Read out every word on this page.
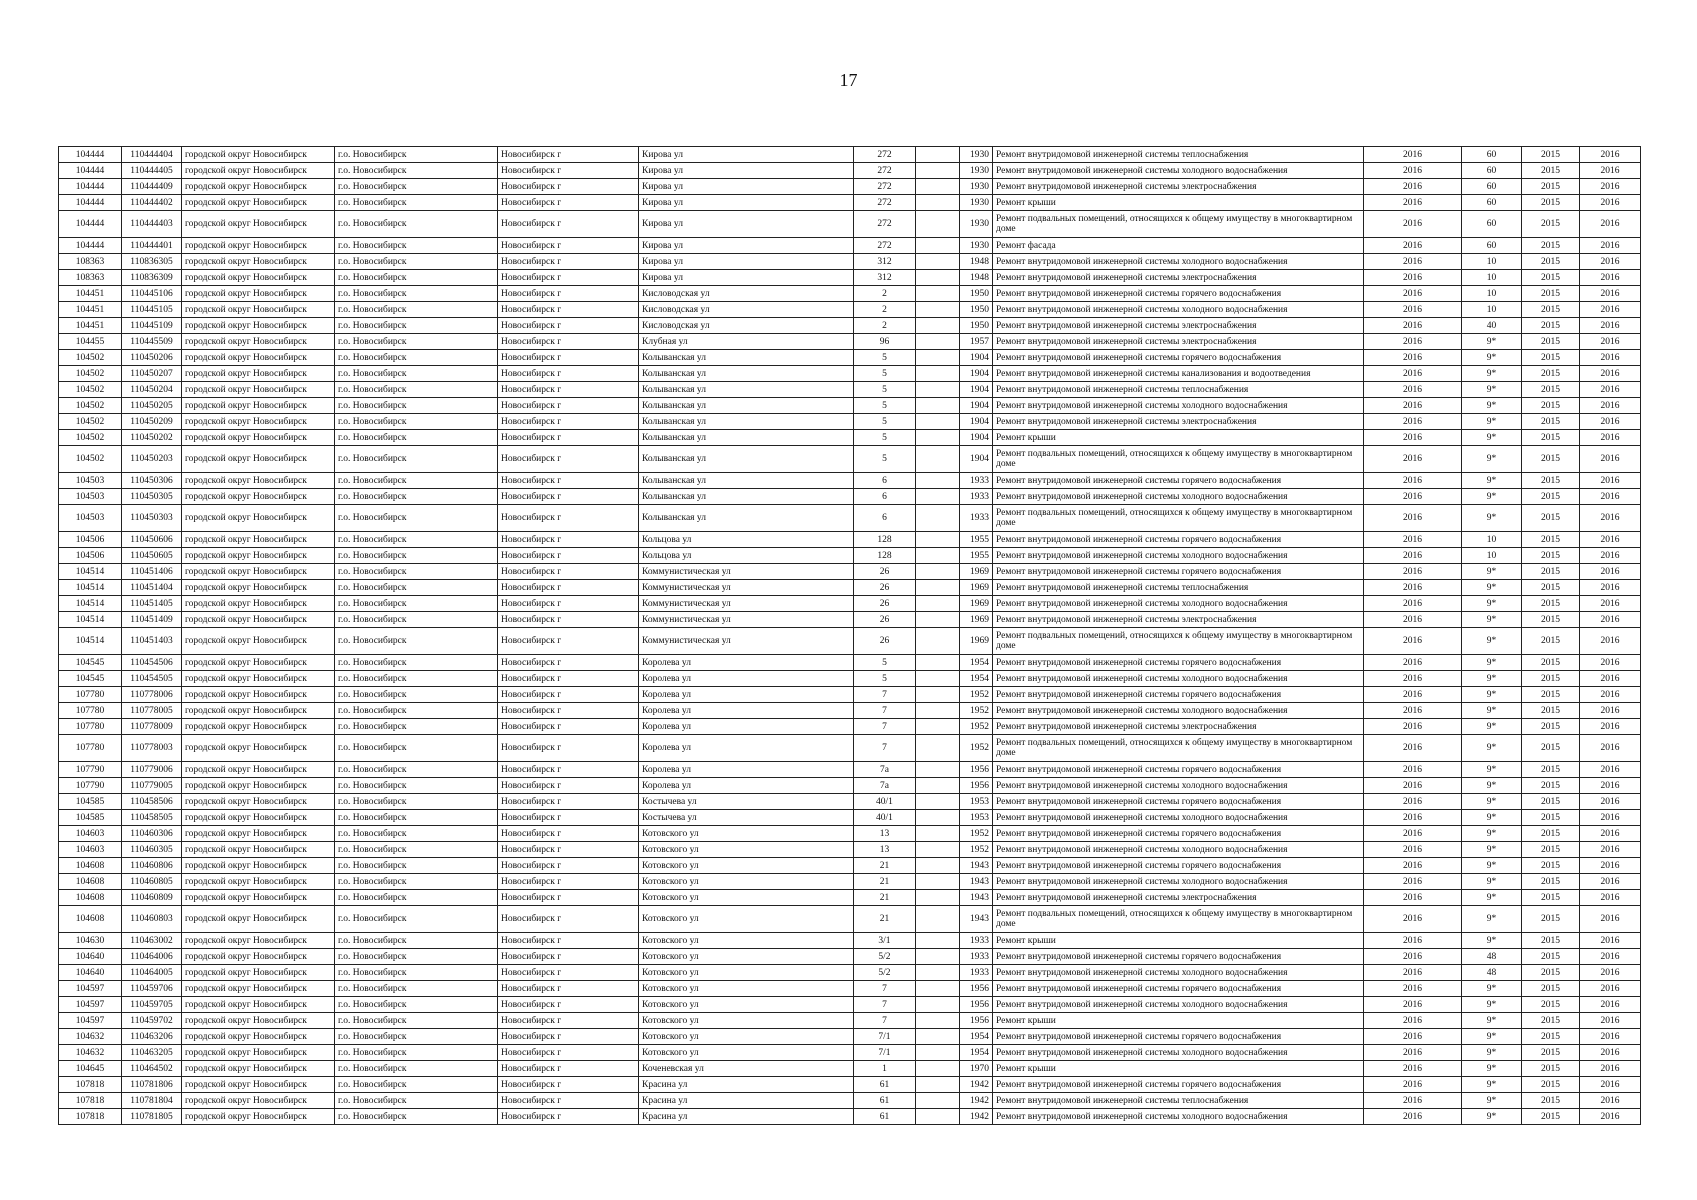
17
104444	110444404	городской округ Новосибирск	г.о. Новосибирск	Новосибирск г	Кирова ул	272		1930	Ремонт внутридомовой инженерной системы теплоснабжения	2016	60	2015	2016
104444	110444405	городской округ Новосибирск	г.о. Новосибирск	Новосибирск г	Кирова ул	272		1930	Ремонт внутридомовой инженерной системы холодного водоснабжения	2016	60	2015	2016
104444	110444409	городской округ Новосибирск	г.о. Новосибирск	Новосибирск г	Кирова ул	272		1930	Ремонт внутридомовой инженерной системы электроснабжения	2016	60	2015	2016
104444	110444402	городской округ Новосибирск	г.о. Новосибирск	Новосибирск г	Кирова ул	272		1930	Ремонт крыши	2016	60	2015	2016
104444	110444403	городской округ Новосибирск	г.о. Новосибирск	Новосибирск г	Кирова ул	272		1930	Ремонт подвальных помещений, относящихся к общему имуществу в многоквартирном доме	2016	60	2015	2016
104444	110444401	городской округ Новосибирск	г.о. Новосибирск	Новосибирск г	Кирова ул	272		1930	Ремонт фасада	2016	60	2015	2016
108363	110836305	городской округ Новосибирск	г.о. Новосибирск	Новосибирск г	Кирова ул	312		1948	Ремонт внутридомовой инженерной системы холодного водоснабжения	2016	10	2015	2016
108363	110836309	городской округ Новосибирск	г.о. Новосибирск	Новосибирск г	Кирова ул	312		1948	Ремонт внутридомовой инженерной системы электроснабжения	2016	10	2015	2016
104451	110445106	городской округ Новосибирск	г.о. Новосибирск	Новосибирск г	Кисловодская ул	2		1950	Ремонт внутридомовой инженерной системы горячего водоснабжения	2016	10	2015	2016
104451	110445105	городской округ Новосибирск	г.о. Новосибирск	Новосибирск г	Кисловодская ул	2		1950	Ремонт внутридомовой инженерной системы холодного водоснабжения	2016	10	2015	2016
104451	110445109	городской округ Новосибирск	г.о. Новосибирск	Новосибирск г	Кисловодская ул	2		1950	Ремонт внутридомовой инженерной системы электроснабжения	2016	40	2015	2016
104455	110445509	городской округ Новосибирск	г.о. Новосибирск	Новосибирск г	Клубная ул	96		1957	Ремонт внутридомовой инженерной системы электроснабжения	2016	9*	2015	2016
104502	110450206	городской округ Новосибирск	г.о. Новосибирск	Новосибирск г	Колыванская ул	5		1904	Ремонт внутридомовой инженерной системы горячего водоснабжения	2016	9*	2015	2016
104502	110450207	городской округ Новосибирск	г.о. Новосибирск	Новосибирск г	Колыванская ул	5		1904	Ремонт внутридомовой инженерной системы канализования и водоотведения	2016	9*	2015	2016
104502	110450204	городской округ Новосибирск	г.о. Новосибирск	Новосибирск г	Колыванская ул	5		1904	Ремонт внутридомовой инженерной системы теплоснабжения	2016	9*	2015	2016
104502	110450205	городской округ Новосибирск	г.о. Новосибирск	Новосибирск г	Колыванская ул	5		1904	Ремонт внутридомовой инженерной системы холодного водоснабжения	2016	9*	2015	2016
104502	110450209	городской округ Новосибирск	г.о. Новосибирск	Новосибирск г	Колыванская ул	5		1904	Ремонт внутридомовой инженерной системы электроснабжения	2016	9*	2015	2016
104502	110450202	городской округ Новосибирск	г.о. Новосибирск	Новосибирск г	Колыванская ул	5		1904	Ремонт крыши	2016	9*	2015	2016
104502	110450203	городской округ Новосибирск	г.о. Новосибирск	Новосибирск г	Колыванская ул	5		1904	Ремонт подвальных помещений, относящихся к общему имуществу в многоквартирном доме	2016	9*	2015	2016
104503	110450306	городской округ Новосибирск	г.о. Новосибирск	Новосибирск г	Колыванская ул	6		1933	Ремонт внутридомовой инженерной системы горячего водоснабжения	2016	9*	2015	2016
104503	110450305	городской округ Новосибирск	г.о. Новосибирск	Новосибирск г	Колыванская ул	6		1933	Ремонт внутридомовой инженерной системы холодного водоснабжения	2016	9*	2015	2016
104503	110450303	городской округ Новосибирск	г.о. Новосибирск	Новосибирск г	Колыванская ул	6		1933	Ремонт подвальных помещений, относящихся к общему имуществу в многоквартирном доме	2016	9*	2015	2016
104506	110450606	городской округ Новосибирск	г.о. Новосибирск	Новосибирск г	Кольцова ул	128		1955	Ремонт внутридомовой инженерной системы горячего водоснабжения	2016	10	2015	2016
104506	110450605	городской округ Новосибирск	г.о. Новосибирск	Новосибирск г	Кольцова ул	128		1955	Ремонт внутридомовой инженерной системы холодного водоснабжения	2016	10	2015	2016
104514	110451406	городской округ Новосибирск	г.о. Новосибирск	Новосибирск г	Коммунистическая ул	26		1969	Ремонт внутридомовой инженерной системы горячего водоснабжения	2016	9*	2015	2016
104514	110451404	городской округ Новосибирск	г.о. Новосибирск	Новосибирск г	Коммунистическая ул	26		1969	Ремонт внутридомовой инженерной системы теплоснабжения	2016	9*	2015	2016
104514	110451405	городской округ Новосибирск	г.о. Новосибирск	Новосибирск г	Коммунистическая ул	26		1969	Ремонт внутридомовой инженерной системы холодного водоснабжения	2016	9*	2015	2016
104514	110451409	городской округ Новосибирск	г.о. Новосибирск	Новосибирск г	Коммунистическая ул	26		1969	Ремонт внутридомовой инженерной системы электроснабжения	2016	9*	2015	2016
104514	110451403	городской округ Новосибирск	г.о. Новосибирск	Новосибирск г	Коммунистическая ул	26		1969	Ремонт подвальных помещений, относящихся к общему имуществу в многоквартирном доме	2016	9*	2015	2016
104545	110454506	городской округ Новосибирск	г.о. Новосибирск	Новосибирск г	Королева ул	5		1954	Ремонт внутридомовой инженерной системы горячего водоснабжения	2016	9*	2015	2016
104545	110454505	городской округ Новосибирск	г.о. Новосибирск	Новосибирск г	Королева ул	5		1954	Ремонт внутридомовой инженерной системы холодного водоснабжения	2016	9*	2015	2016
107780	110778006	городской округ Новосибирск	г.о. Новосибирск	Новосибирск г	Королева ул	7		1952	Ремонт внутридомовой инженерной системы горячего водоснабжения	2016	9*	2015	2016
107780	110778005	городской округ Новосибирск	г.о. Новосибирск	Новосибирск г	Королева ул	7		1952	Ремонт внутридомовой инженерной системы холодного водоснабжения	2016	9*	2015	2016
107780	110778009	городской округ Новосибирск	г.о. Новосибирск	Новосибирск г	Королева ул	7		1952	Ремонт внутридомовой инженерной системы электроснабжения	2016	9*	2015	2016
107780	110778003	городской округ Новосибирск	г.о. Новосибирск	Новосибирск г	Королева ул	7		1952	Ремонт подвальных помещений, относящихся к общему имуществу в многоквартирном доме	2016	9*	2015	2016
107790	110779006	городской округ Новосибирск	г.о. Новосибирск	Новосибирск г	Королева ул	7а		1956	Ремонт внутридомовой инженерной системы горячего водоснабжения	2016	9*	2015	2016
107790	110779005	городской округ Новосибирск	г.о. Новосибирск	Новосибирск г	Королева ул	7а		1956	Ремонт внутридомовой инженерной системы холодного водоснабжения	2016	9*	2015	2016
104585	110458506	городской округ Новосибирск	г.о. Новосибирск	Новосибирск г	Костычева ул	40/1		1953	Ремонт внутридомовой инженерной системы горячего водоснабжения	2016	9*	2015	2016
104585	110458505	городской округ Новосибирск	г.о. Новосибирск	Новосибирск г	Костычева ул	40/1		1953	Ремонт внутридомовой инженерной системы холодного водоснабжения	2016	9*	2015	2016
104603	110460306	городской округ Новосибирск	г.о. Новосибирск	Новосибирск г	Котовского ул	13		1952	Ремонт внутридомовой инженерной системы горячего водоснабжения	2016	9*	2015	2016
104603	110460305	городской округ Новосибирск	г.о. Новосибирск	Новосибирск г	Котовского ул	13		1952	Ремонт внутридомовой инженерной системы холодного водоснабжения	2016	9*	2015	2016
104608	110460806	городской округ Новосибирск	г.о. Новосибирск	Новосибирск г	Котовского ул	21		1943	Ремонт внутридомовой инженерной системы горячего водоснабжения	2016	9*	2015	2016
104608	110460805	городской округ Новосибирск	г.о. Новосибирск	Новосибирск г	Котовского ул	21		1943	Ремонт внутридомовой инженерной системы холодного водоснабжения	2016	9*	2015	2016
104608	110460809	городской округ Новосибирск	г.о. Новосибирск	Новосибирск г	Котовского ул	21		1943	Ремонт внутридомовой инженерной системы электроснабжения	2016	9*	2015	2016
104608	110460803	городской округ Новосибирск	г.о. Новосибирск	Новосибирск г	Котовского ул	21		1943	Ремонт подвальных помещений, относящихся к общему имуществу в многоквартирном доме	2016	9*	2015	2016
104630	110463002	городской округ Новосибирск	г.о. Новосибирск	Новосибирск г	Котовского ул	3/1		1933	Ремонт крыши	2016	9*	2015	2016
104640	110464006	городской округ Новосибирск	г.о. Новосибирск	Новосибирск г	Котовского ул	5/2		1933	Ремонт внутридомовой инженерной системы горячего водоснабжения	2016	48	2015	2016
104640	110464005	городской округ Новосибирск	г.о. Новосибирск	Новосибирск г	Котовского ул	5/2		1933	Ремонт внутридомовой инженерной системы холодного водоснабжения	2016	48	2015	2016
104597	110459706	городской округ Новосибирск	г.о. Новосибирск	Новосибирск г	Котовского ул	7		1956	Ремонт внутридомовой инженерной системы горячего водоснабжения	2016	9*	2015	2016
104597	110459705	городской округ Новосибирск	г.о. Новосибирск	Новосибирск г	Котовского ул	7		1956	Ремонт внутридомовой инженерной системы холодного водоснабжения	2016	9*	2015	2016
104597	110459702	городской округ Новосибирск	г.о. Новосибирск	Новосибирск г	Котовского ул	7		1956	Ремонт крыши	2016	9*	2015	2016
104632	110463206	городской округ Новосибирск	г.о. Новосибирск	Новосибирск г	Котовского ул	7/1		1954	Ремонт внутридомовой инженерной системы горячего водоснабжения	2016	9*	2015	2016
104632	110463205	городской округ Новосибирск	г.о. Новосибирск	Новосибирск г	Котовского ул	7/1		1954	Ремонт внутридомовой инженерной системы холодного водоснабжения	2016	9*	2015	2016
104645	110464502	городской округ Новосибирск	г.о. Новосибирск	Новосибирск г	Коченевская ул	1		1970	Ремонт крыши	2016	9*	2015	2016
107818	110781806	городской округ Новосибирск	г.о. Новосибирск	Новосибирск г	Красина ул	61		1942	Ремонт внутридомовой инженерной системы горячего водоснабжения	2016	9*	2015	2016
107818	110781804	городской округ Новосибирск	г.о. Новосибирск	Новосибирск г	Красина ул	61		1942	Ремонт внутридомовой инженерной системы теплоснабжения	2016	9*	2015	2016
107818	110781805	городской округ Новосибирск	г.о. Новосибирск	Новосибирск г	Красина ул	61		1942	Ремонт внутридомовой инженерной системы холодного водоснабжения	2016	9*	2015	2016
